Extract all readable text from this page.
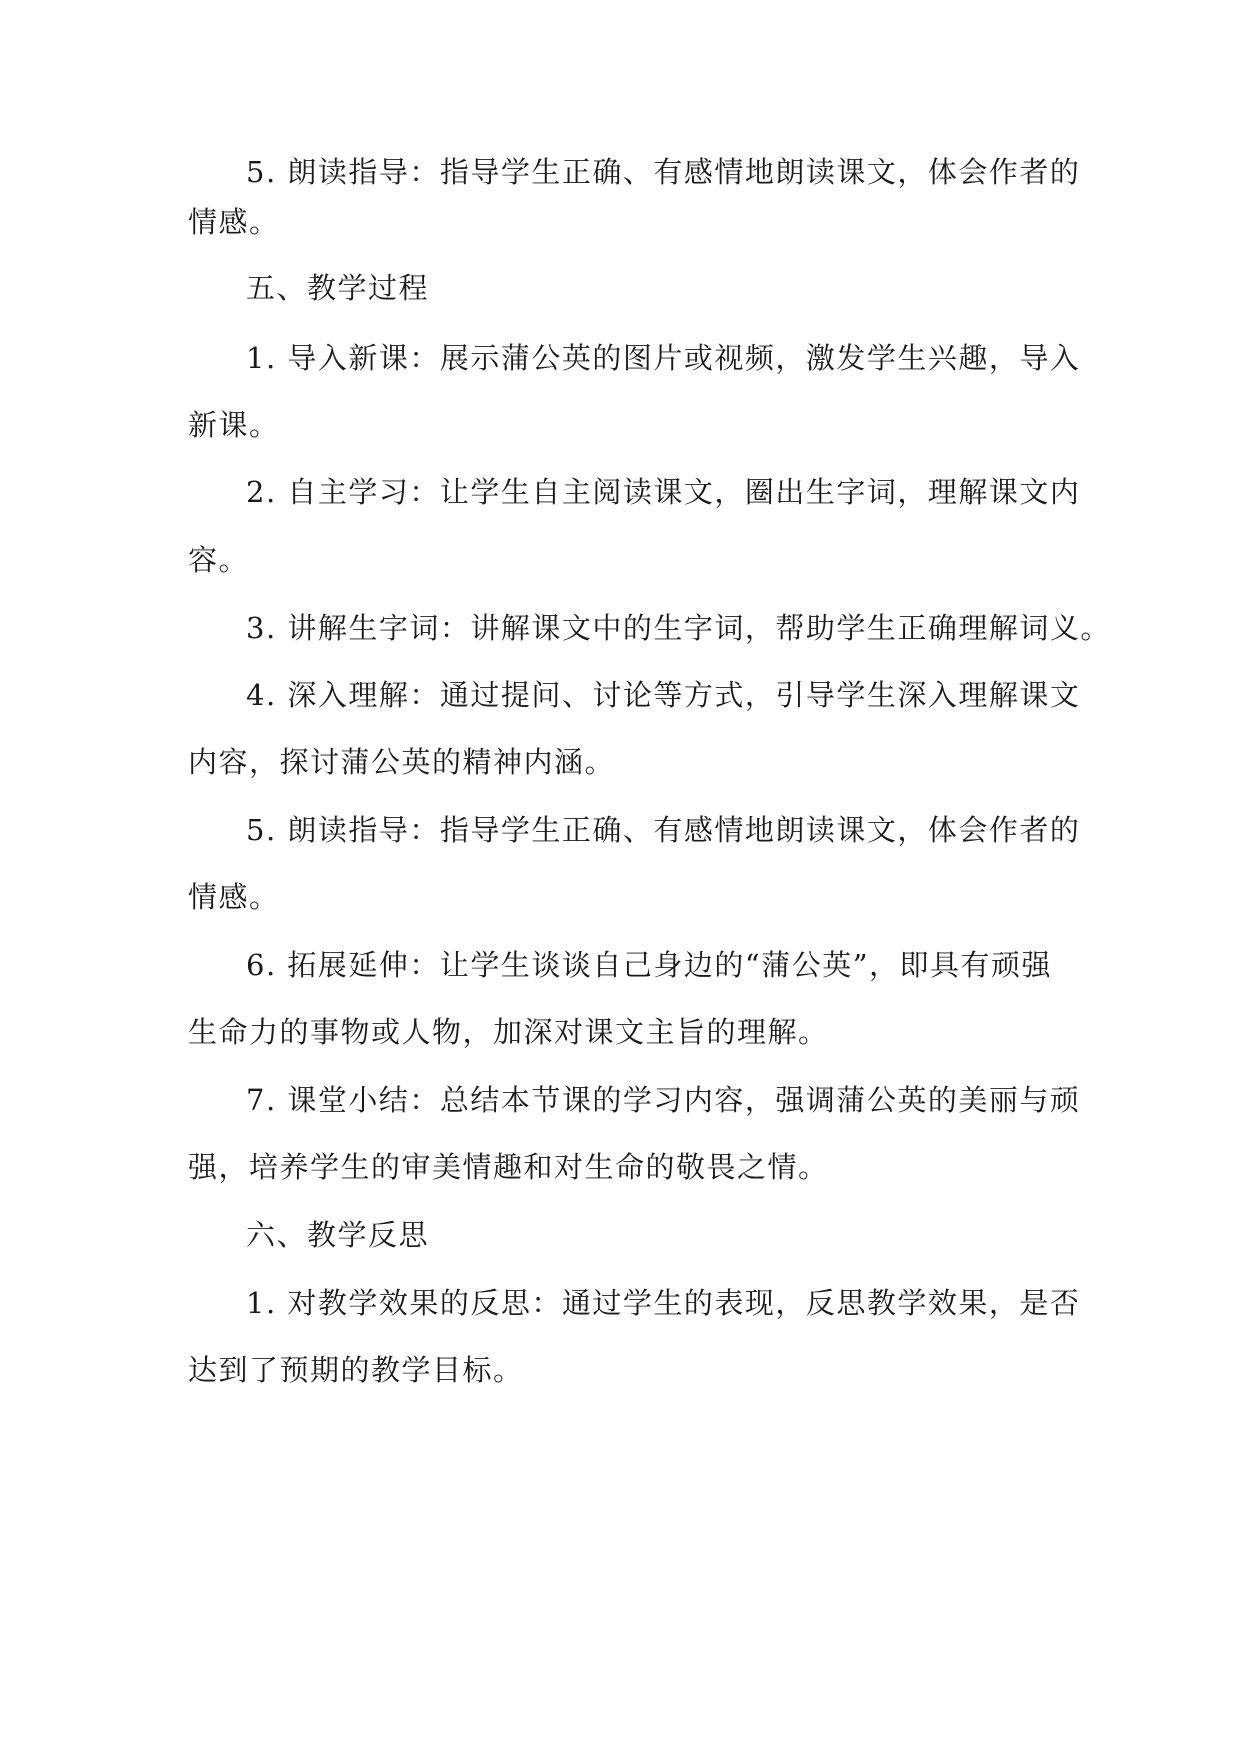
5. 朗读指导：指导学生正确、有感情地朗读课文，体会作者的
情感。
五、教学过程
1. 导入新课：展示蒲公英的图片或视频，激发学生兴趣，导入
新课。
2. 自主学习：让学生自主阅读课文，圈出生字词，理解课文内
容。
3. 讲解生字词：讲解课文中的生字词，帮助学生正确理解词义。
4. 深入理解：通过提问、讨论等方式，引导学生深入理解课文
内容，探讨蒲公英的精神内涵。
5. 朗读指导：指导学生正确、有感情地朗读课文，体会作者的
情感。
6. 拓展延伸：让学生谈谈自己身边的“蒲公英”，即具有顽强
生命力的事物或人物，加深对课文主旨的理解。
7. 课堂小结：总结本节课的学习内容，强调蒲公英的美丽与顽
强，培养学生的审美情趣和对生命的敬畏之情。
六、教学反思
1. 对教学效果的反思：通过学生的表现，反思教学效果，是否
达到了预期的教学目标。
